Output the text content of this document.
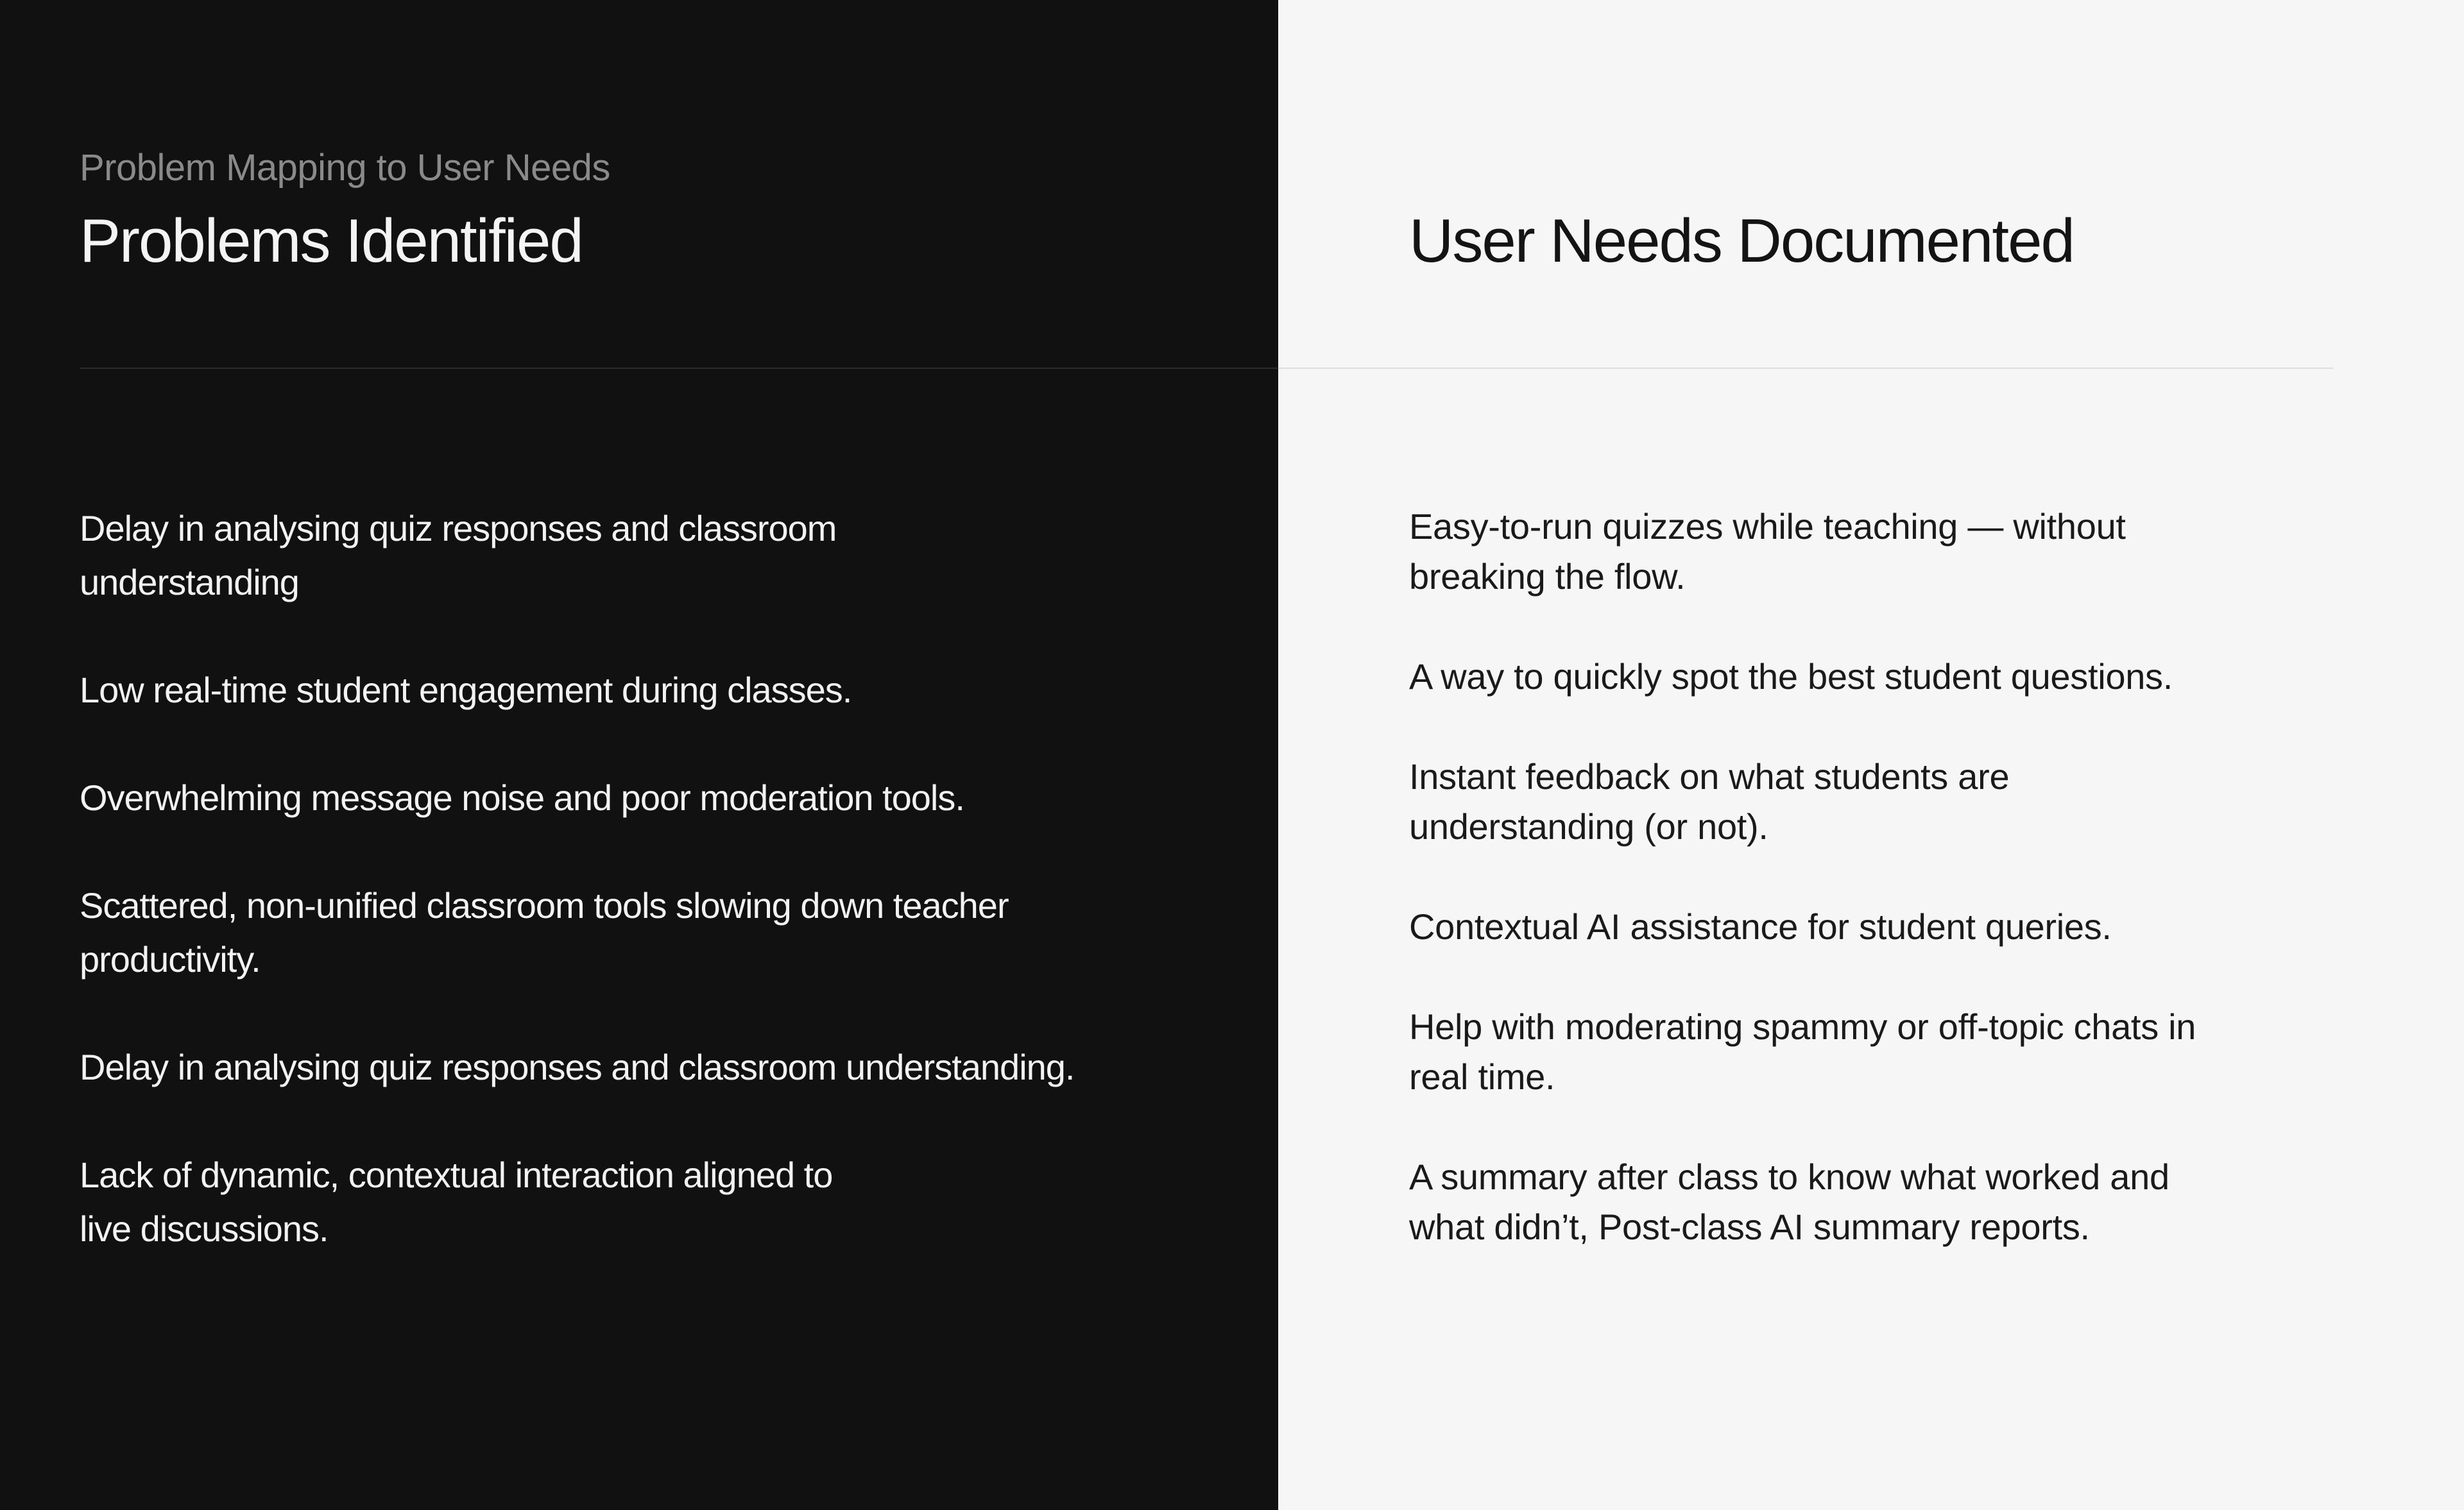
Problem Mapping to User Needs
Problems Identified	User Needs Documented
Delay in analysing quiz responses and classroom
understanding
Low real-time student engagement during classes.
Overwhelming message noise and poor moderation tools.
Scattered, non-unified classroom tools slowing down teacher
productivity.
Delay in analysing quiz responses and classroom understanding.
Lack of dynamic, contextual interaction aligned to
live discussions.
Easy-to-run quizzes while teaching — without
breaking the flow.
A way to quickly spot the best student questions.
Instant feedback on what students are
understanding (or not).
Contextual AI assistance for student queries.
Help with moderating spammy or off-topic chats in
real time.
A summary after class to know what worked and
what didn’t, Post-class AI summary reports.
